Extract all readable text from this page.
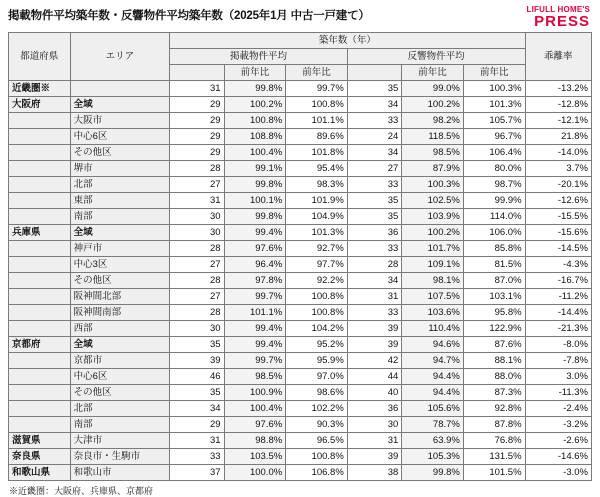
掲載物件平均築年数・反響物件平均築年数（2025年1月 中古一戸建て）
LIFULL HOME'S
PRESS
都道府県	エリア	築年数（年）						乖離率
		掲載物件平均			反響物件平均			
			前年比	前年比		前年比	前年比	
近畿圏※		31	99.8%	99.7%	35	99.0%	100.3%	-13.2%
大阪府	全域	29	100.2%	100.8%	34	100.2%	101.3%	-12.8%
	大阪市	29	100.8%	101.1%	33	98.2%	105.7%	-12.1%
	中心6区	29	108.8%	89.6%	24	118.5%	96.7%	21.8%
	その他区	29	100.4%	101.8%	34	98.5%	106.4%	-14.0%
	堺市	28	99.1%	95.4%	27	87.9%	80.0%	3.7%
	北部	27	99.8%	98.3%	33	100.3%	98.7%	-20.1%
	東部	31	100.1%	101.9%	35	102.5%	99.9%	-12.6%
	南部	30	99.8%	104.9%	35	103.9%	114.0%	-15.5%
兵庫県	全域	30	99.4%	101.3%	36	100.2%	106.0%	-15.6%
	神戸市	28	97.6%	92.7%	33	101.7%	85.8%	-14.5%
	中心3区	27	96.4%	97.7%	28	109.1%	81.5%	-4.3%
	その他区	28	97.8%	92.2%	34	98.1%	87.0%	-16.7%
	阪神間北部	27	99.7%	100.8%	31	107.5%	103.1%	-11.2%
	阪神間南部	28	101.1%	100.8%	33	103.6%	95.8%	-14.4%
	西部	30	99.4%	104.2%	39	110.4%	122.9%	-21.3%
京都府	全域	35	99.4%	95.2%	39	94.6%	87.6%	-8.0%
	京都市	39	99.7%	95.9%	42	94.7%	88.1%	-7.8%
	中心6区	46	98.5%	97.0%	44	94.4%	88.0%	3.0%
	その他区	35	100.9%	98.6%	40	94.4%	87.3%	-11.3%
	北部	34	100.4%	102.2%	36	105.6%	92.8%	-2.4%
	南部	29	97.6%	90.3%	30	78.7%	87.8%	-3.2%
滋賀県	大津市	31	98.8%	96.5%	31	63.9%	76.8%	-2.6%
奈良県	奈良市・生駒市	33	103.5%	100.8%	39	105.3%	131.5%	-14.6%
和歌山県	和歌山市	37	100.0%	106.8%	38	99.8%	101.5%	-3.0%
※近畿圏：大阪府、兵庫県、京都府
